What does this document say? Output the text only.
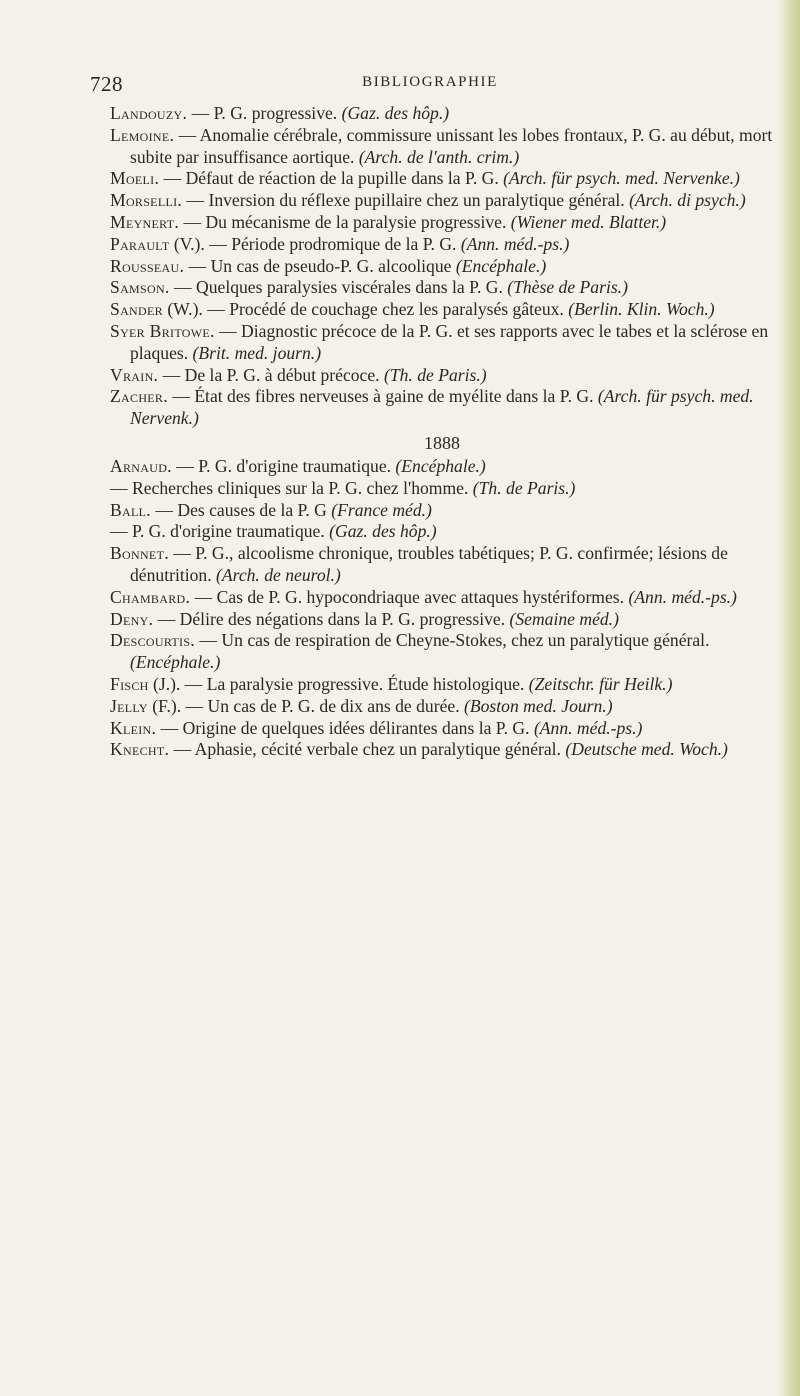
728	BIBLIOGRAPHIE
Landouzy. — P. G. progressive. (Gaz. des hôp.)
Lemoine. — Anomalie cérébrale, commissure unissant les lobes frontaux, P. G. au début, mort subite par insuffisance aortique. (Arch. de l'anth. crim.)
Moeli. — Défaut de réaction de la pupille dans la P. G. (Arch. für psych. med. Nervenke.)
Morselli. — Inversion du réflexe pupillaire chez un paralytique général. (Arch. di psych.)
Meynert. — Du mécanisme de la paralysie progressive. (Wiener med. Blatter.)
Parault (V.). — Période prodromique de la P. G. (Ann. méd.-ps.)
Rousseau. — Un cas de pseudo-P. G. alcoolique (Encéphale.)
Samson. — Quelques paralysies viscérales dans la P. G. (Thèse de Paris.)
Sander (W.). — Procédé de couchage chez les paralysés gâteux. (Berlin. Klin. Woch.)
Syer Britowe. — Diagnostic précoce de la P. G. et ses rapports avec le tabes et la sclérose en plaques. (Brit. med. journ.)
Vrain. — De la P. G. à début précoce. (Th. de Paris.)
Zacher. — État des fibres nerveuses à gaine de myélite dans la P. G. (Arch. für psych. med. Nervenk.)
1888
Arnaud. — P. G. d'origine traumatique. (Encéphale.)
— Recherches cliniques sur la P. G. chez l'homme. (Th. de Paris.)
Ball. — Des causes de la P. G (France méd.)
— P. G. d'origine traumatique. (Gaz. des hôp.)
Bonnet. — P. G., alcoolisme chronique, troubles tabétiques; P. G. confirmée; lésions de dénutrition. (Arch. de neurol.)
Chambard. — Cas de P. G. hypocondriaque avec attaques hystériformes. (Ann. méd.-ps.)
Deny. — Délire des négations dans la P. G. progressive. (Semaine méd.)
Descourtis. — Un cas de respiration de Cheyne-Stokes, chez un paralytique général. (Encéphale.)
Fisch (J.). — La paralysie progressive. Étude histologique. (Zeitschr. für Heilk.)
Jelly (F.). — Un cas de P. G. de dix ans de durée. (Boston med. Journ.)
Klein. — Origine de quelques idées délirantes dans la P. G. (Ann. méd.-ps.)
Knecht. — Aphasie, cécité verbale chez un paralytique général. (Deutsche med. Woch.)
